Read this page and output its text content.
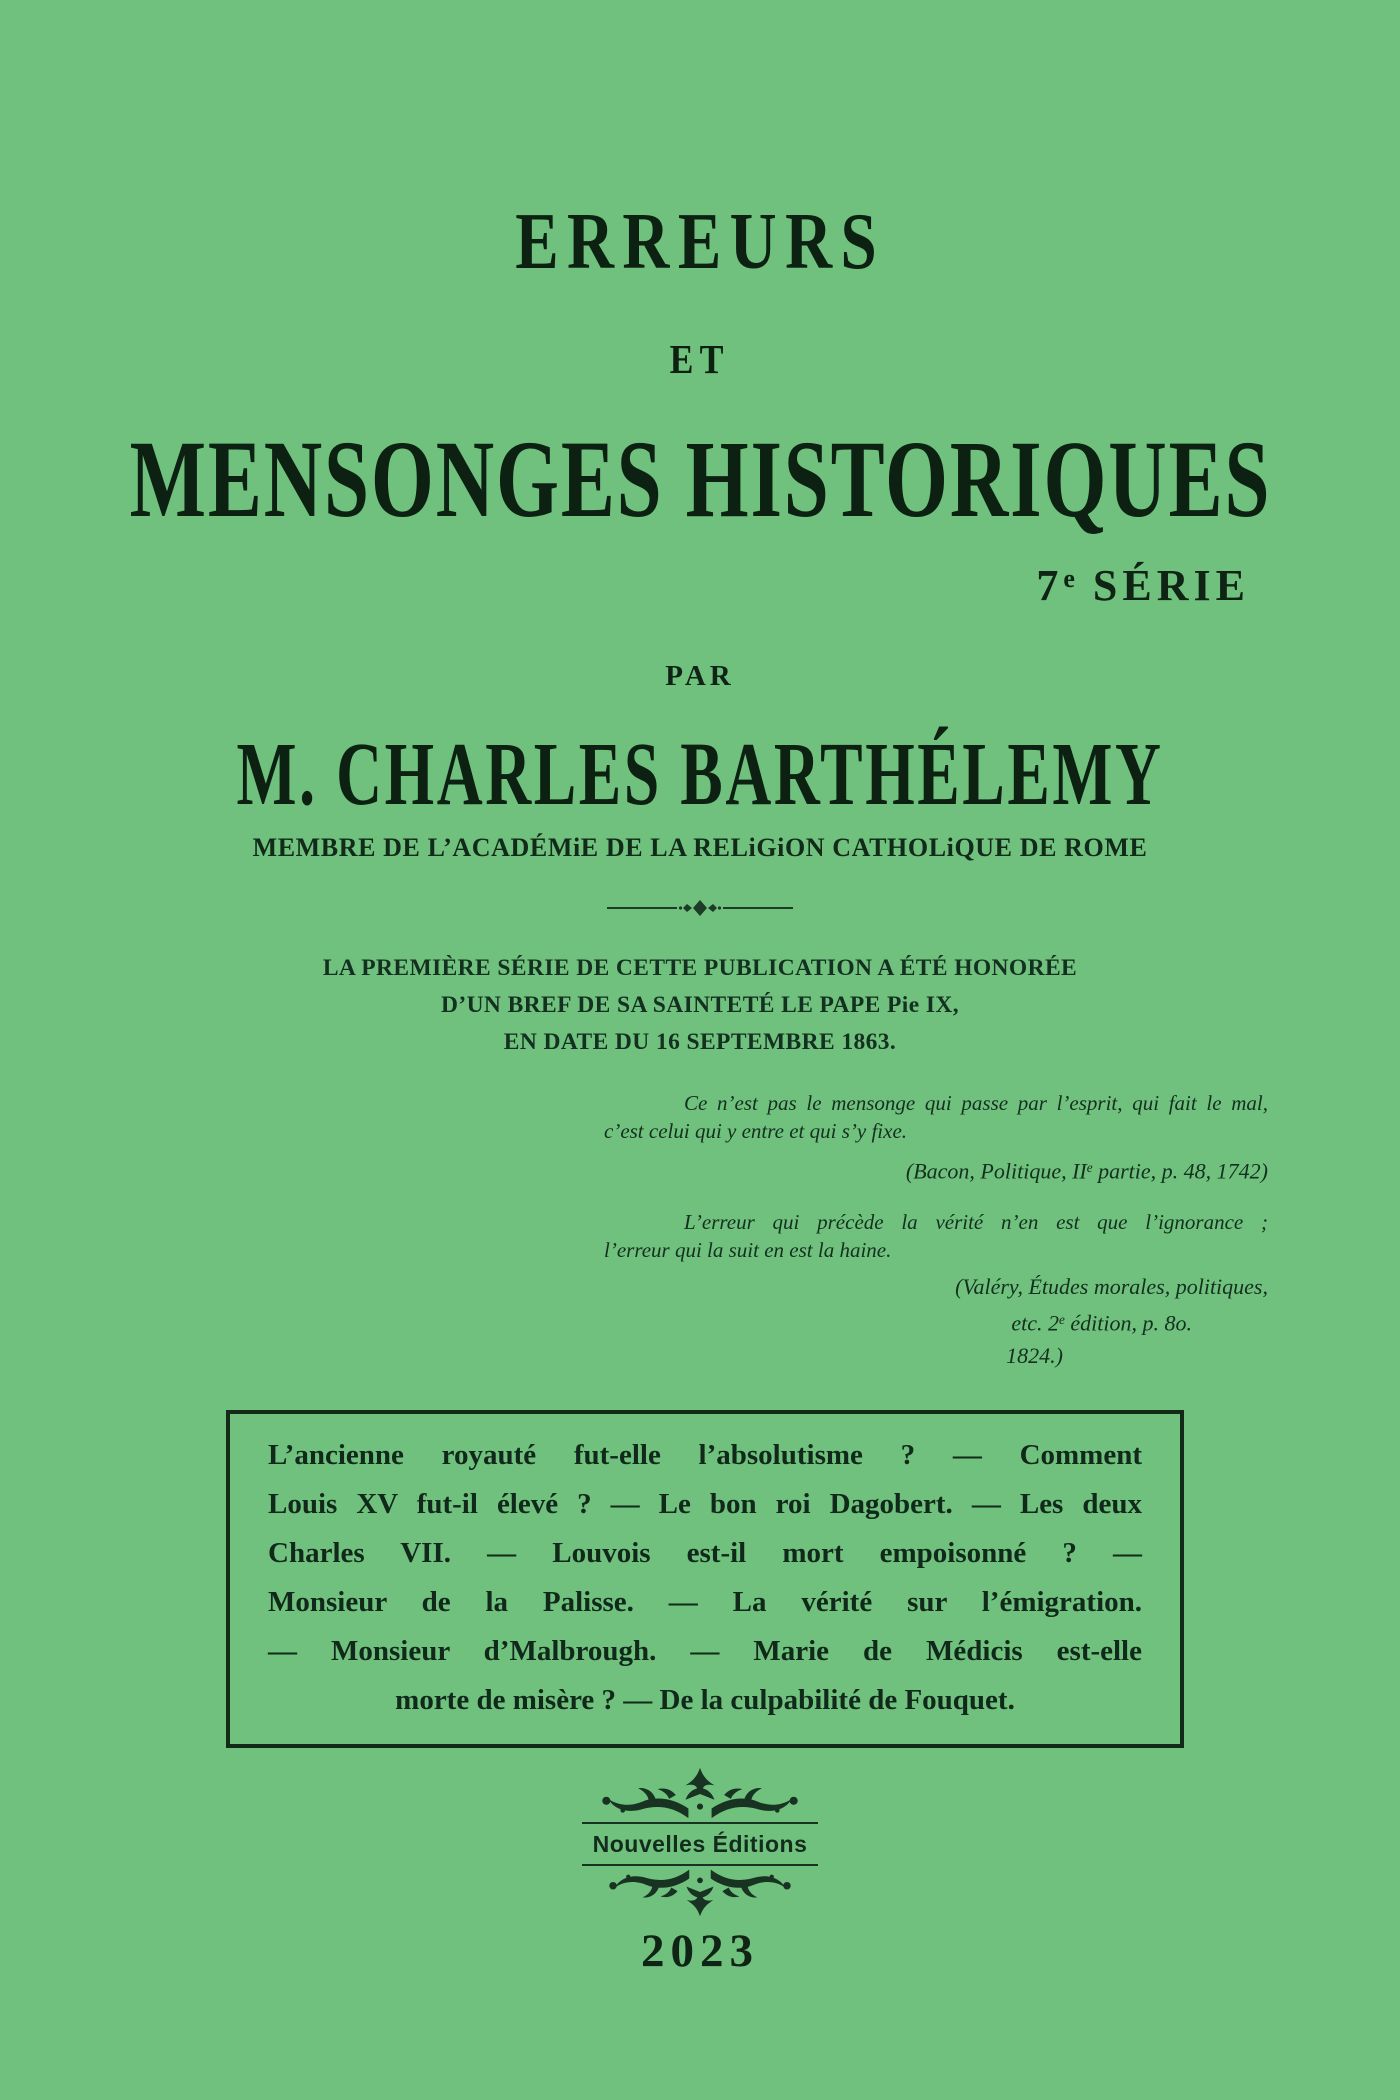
ERREURS
ET
MENSONGES HISTORIQUES
7e SÉRIE
PAR
M. CHARLES BARTHÉLEMY
MEMBRE DE L’ACADÉMiE DE LA RELiGiON CATHOLiQUE DE ROME
LA PREMIÈRE SÉRIE DE CETTE PUBLICATION A ÉTÉ HONORÉE
D’UN BREF DE SA SAINTETÉ LE PAPE Pie IX,
EN DATE DU 16 SEPTEMBRE 1863.
Ce n’est pas le mensonge qui passe par l’esprit, qui fait le mal,
c’est celui qui y entre et qui s’y fixe.
(Bacon, Politique, IIe partie, p. 48, 1742)
L’erreur qui précède la vérité n’en est que l’ignorance ;
l’erreur qui la suit en est la haine.
(Valéry, Études morales, politiques,
etc. 2e édition, p. 8o.
1824.)
L’ancienne royauté fut-elle l’absolutisme ? — Comment
Louis XV fut-il élevé ? — Le bon roi Dagobert. — Les deux
Charles VII. — Louvois est-il mort empoisonné ? —
Monsieur de la Palisse. — La vérité sur l’émigration.
— Monsieur d’Malbrough. — Marie de Médicis est-elle
morte de misère ? — De la culpabilité de Fouquet.
Nouvelles Éditions
2023
